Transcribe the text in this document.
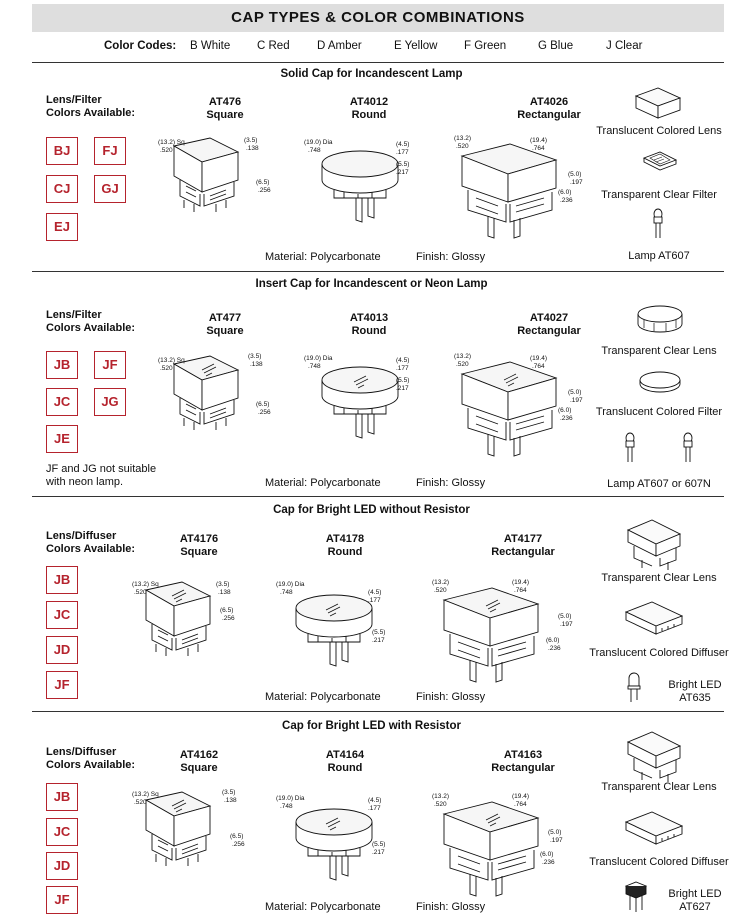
CAP TYPES & COLOR COMBINATIONS
Color Codes: B White C Red D Amber	E Yellow F Green	G Blue	J Clear
Solid Cap for Incandescent Lamp
Lens/Filter
Colors Available:
BJ	FJ
CJ	GJ
EJ
AT476
Square
AT4012
Round
AT4026
Rectangular
(13.2) Sq
.520
(3.5)
.138
(6.5)
.256
(19.0) Dia
.748
(4.5)
.177
(5.5)
.217
(13.2)
.520
(19.4)
.764
(5.0)
.197
(6.0)
.236
Translucent Colored Lens
Transparent Clear Filter
Lamp AT607
Material: Polycarbonate	Finish: Glossy
Insert Cap for Incandescent or Neon Lamp
Lens/Filter
Colors Available:
JB	JF
JC	JG
JE
JF and JG not suitable
with neon lamp.
AT477
Square
AT4013
Round
AT4027
Rectangular
(13.2) Sq
.520
(3.5)
.138
(6.5)
.256
(19.0) Dia
.748
(4.5)
.177
(5.5)
.217
(13.2)
.520
(19.4)
.764
(5.0)
.197
(6.0)
.236
Transparent Clear Lens
Translucent Colored Filter
Lamp AT607 or 607N
Material: Polycarbonate	Finish: Glossy
Cap for Bright LED without Resistor
Lens/Diffuser
Colors Available:
JB
JC
JD
JF
AT4176
Square
AT4178
Round
AT4177
Rectangular
(13.2) Sq
.520
(3.5)
.138
(6.5)
.256
(19.0) Dia
.748	(4.5)
.177
(5.5)
.217
(13.2)
.520
(19.4)
.764
(5.0)
.197
(6.0)
.236
Transparent Clear Lens
Translucent Colored Diffuser
Bright LED
AT635
Material: Polycarbonate	Finish: Glossy
Cap for Bright LED with Resistor
Lens/Diffuser
Colors Available:
JB
JC
JD
JF
AT4162
Square
AT4164
Round
AT4163
Rectangular
(13.2) Sq
.520
(3.5)
.138
(6.5)
.256
(19.0) Dia
.748
(4.5)
.177
(5.5)
.217
(13.2)
.520
(19.4)
.764
(5.0)
.197
(6.0)
.236
Transparent Clear Lens
Translucent Colored Diffuser
Bright LED
AT627
Material: Polycarbonate	Finish: Glossy
